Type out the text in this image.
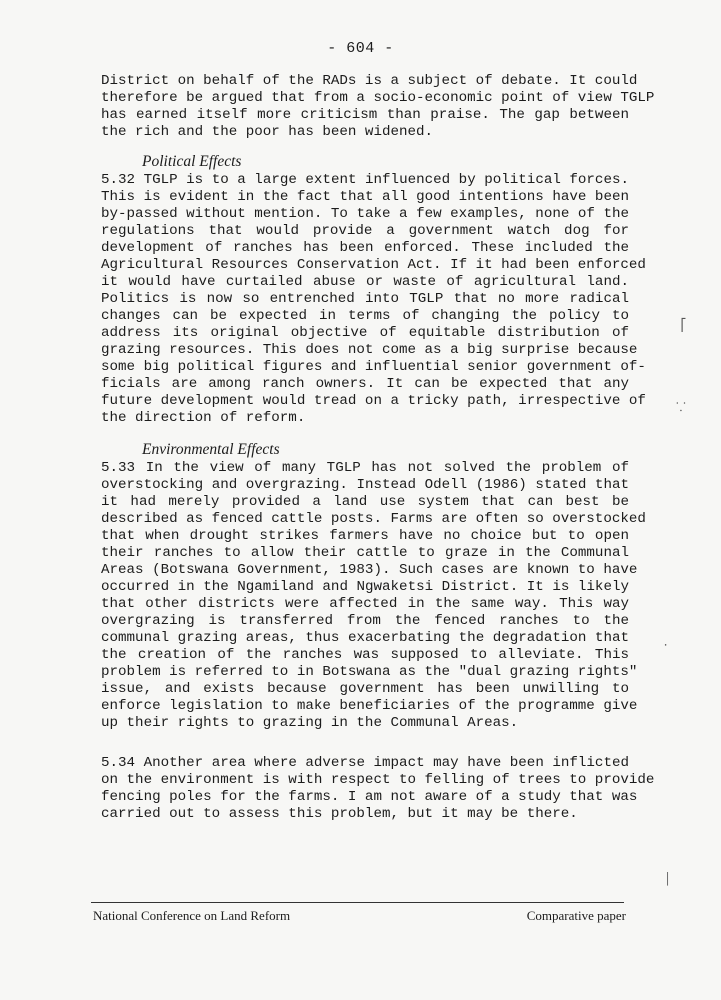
- 604 -
District on behalf of the RADs is a subject of debate. It could
therefore be argued that from a socio-economic point of view TGLP
has earned itself more criticism than praise. The gap between
the rich and the poor has been widened.
Political Effects
5.32 TGLP is to a large extent influenced by political forces.
This is evident in the fact that all good intentions have been
by-passed without mention. To take a few examples, none of the
regulations that would provide a government watch dog for
development of ranches has been enforced. These included the
Agricultural Resources Conservation Act. If it had been enforced
it would have curtailed abuse or waste of agricultural land.
Politics is now so entrenched into TGLP that no more radical
changes can be expected in terms of changing the policy to
address its original objective of equitable distribution of
grazing resources. This does not come as a big surprise because
some big political figures and influential senior government of-
ficials are among ranch owners. It can be expected that any
future development would tread on a tricky path, irrespective of
the direction of reform.
Environmental Effects
5.33 In the view of many TGLP has not solved the problem of
overstocking and overgrazing. Instead Odell (1986) stated that
it had merely provided a land use system that can best be
described as fenced cattle posts. Farms are often so overstocked
that when drought strikes farmers have no choice but to open
their ranches to allow their cattle to graze in the Communal
Areas (Botswana Government, 1983). Such cases are known to have
occurred in the Ngamiland and Ngwaketsi District. It is likely
that other districts were affected in the same way. This way
overgrazing is transferred from the fenced ranches to the
communal grazing areas, thus exacerbating the degradation that
the creation of the ranches was supposed to alleviate. This
problem is referred to in Botswana as the "dual grazing rights"
issue, and exists because government has been unwilling to
enforce legislation to make beneficiaries of the programme give
up their rights to grazing in the Communal Areas.
5.34 Another area where adverse impact may have been inflicted
on the environment is with respect to felling of trees to provide
fencing poles for the farms. I am not aware of a study that was
carried out to assess this problem, but it may be there.
National Conference on Land Reform	Comparative paper
⎡
⸪
⸱
│
